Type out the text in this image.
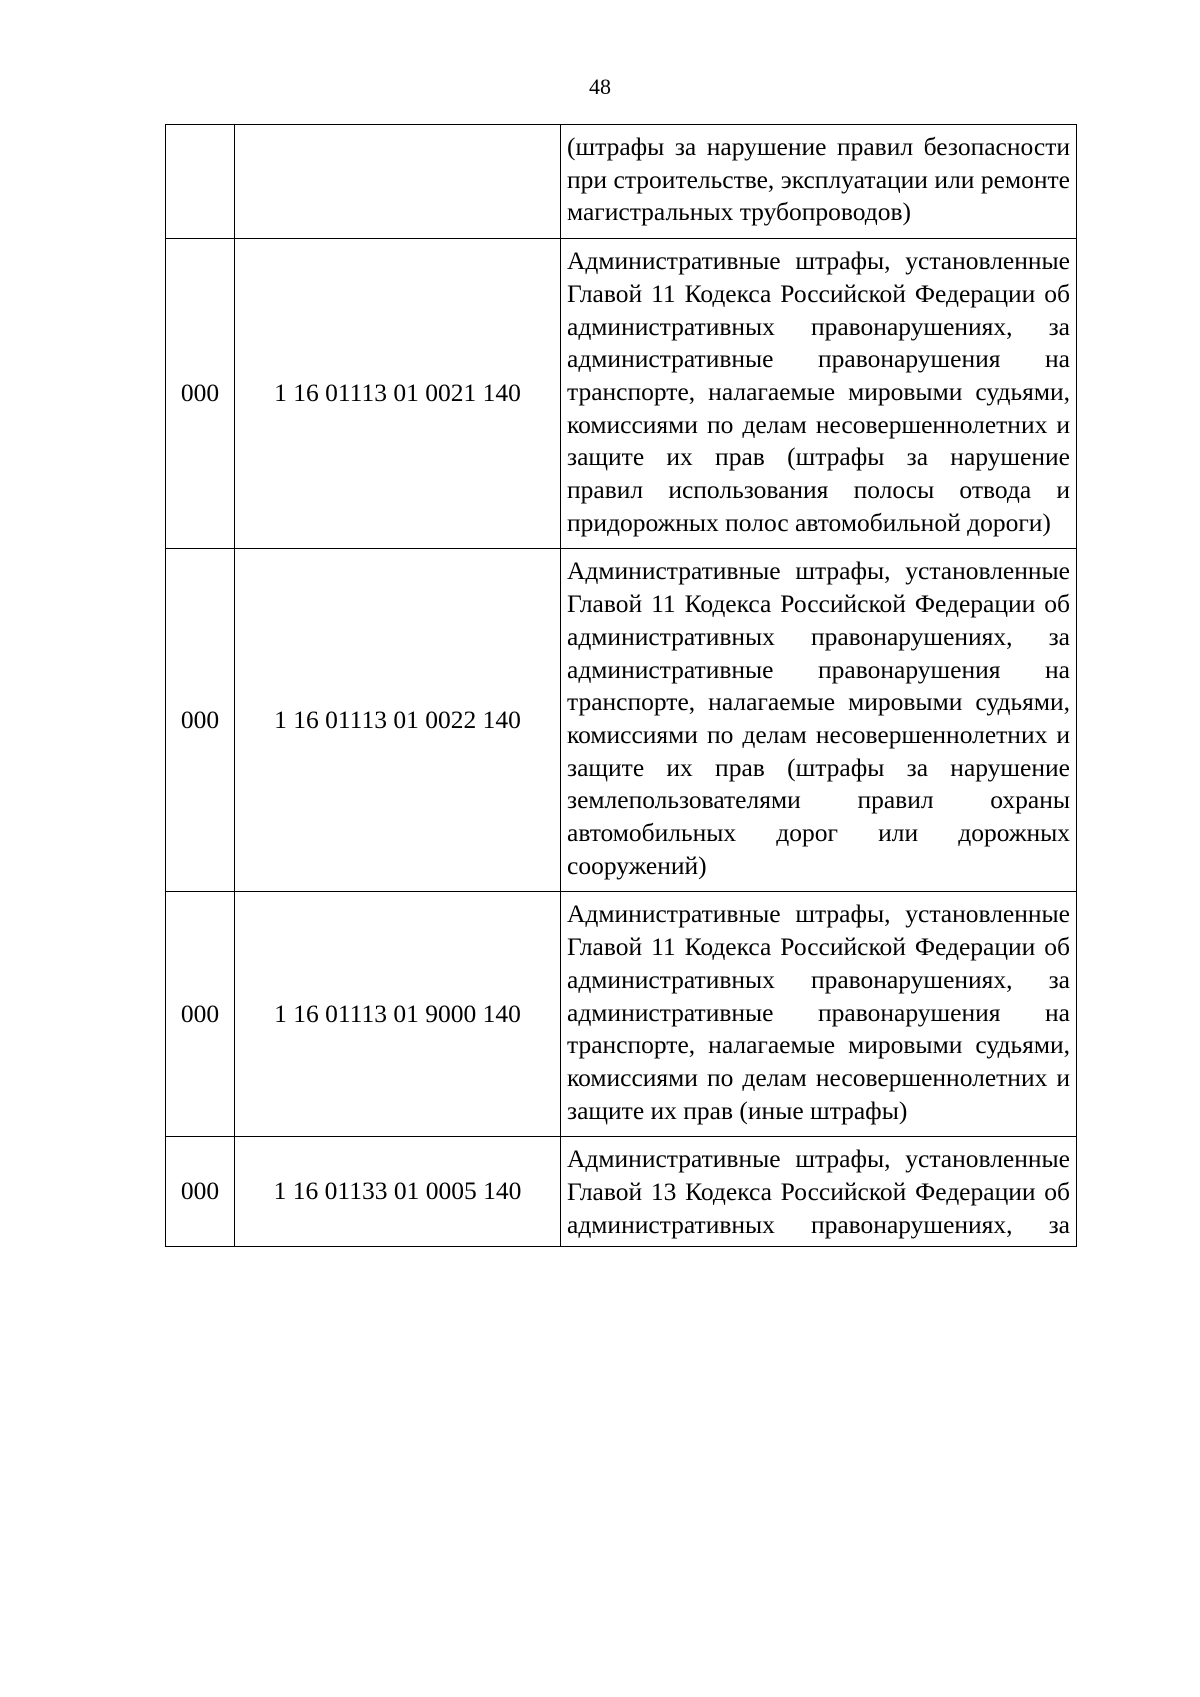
48
		(штрафы за нарушение правил безопасности при строительстве, эксплуатации или ремонте магистральных трубопроводов)
000	1 16 01113 01 0021 140	Административные штрафы, установленные Главой 11 Кодекса Российской Федерации об административных правонарушениях, за административные правонарушения на транспорте, налагаемые мировыми судьями, комиссиями по делам несовершеннолетних и защите их прав (штрафы за нарушение правил использования полосы отвода и придорожных полос автомобильной дороги)
000	1 16 01113 01 0022 140	Административные штрафы, установленные Главой 11 Кодекса Российской Федерации об административных правонарушениях, за административные правонарушения на транспорте, налагаемые мировыми судьями, комиссиями по делам несовершеннолетних и защите их прав (штрафы за нарушение землепользователями правил охраны автомобильных дорог или дорожных сооружений)
000	1 16 01113 01 9000 140	Административные штрафы, установленные Главой 11 Кодекса Российской Федерации об административных правонарушениях, за административные правонарушения на транспорте, налагаемые мировыми судьями, комиссиями по делам несовершеннолетних и защите их прав (иные штрафы)
000	1 16 01133 01 0005 140	Административные штрафы, установленные Главой 13 Кодекса Российской Федерации об административных правонарушениях, за
